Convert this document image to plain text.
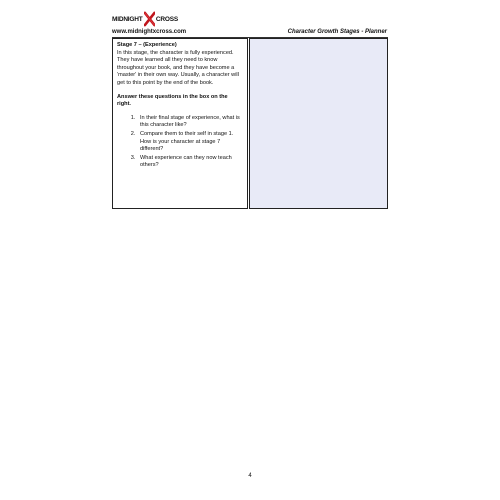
MIDNIGHT CROSS
www.midnightxcross.com	Character Growth Stages - Planner
Stage 7 – (Experience)

In this stage, the character is fully experienced. They have learned all they need to know throughout your book, and they have become a 'master' in their own way. Usually, a character will get to this point by the end of the book.

Answer these questions in the box on the right.

1. In their final stage of experience, what is this character like?
2. Compare them to their self in stage 1. How is your character at stage 7 different?
3. What experience can they now teach others?
4
